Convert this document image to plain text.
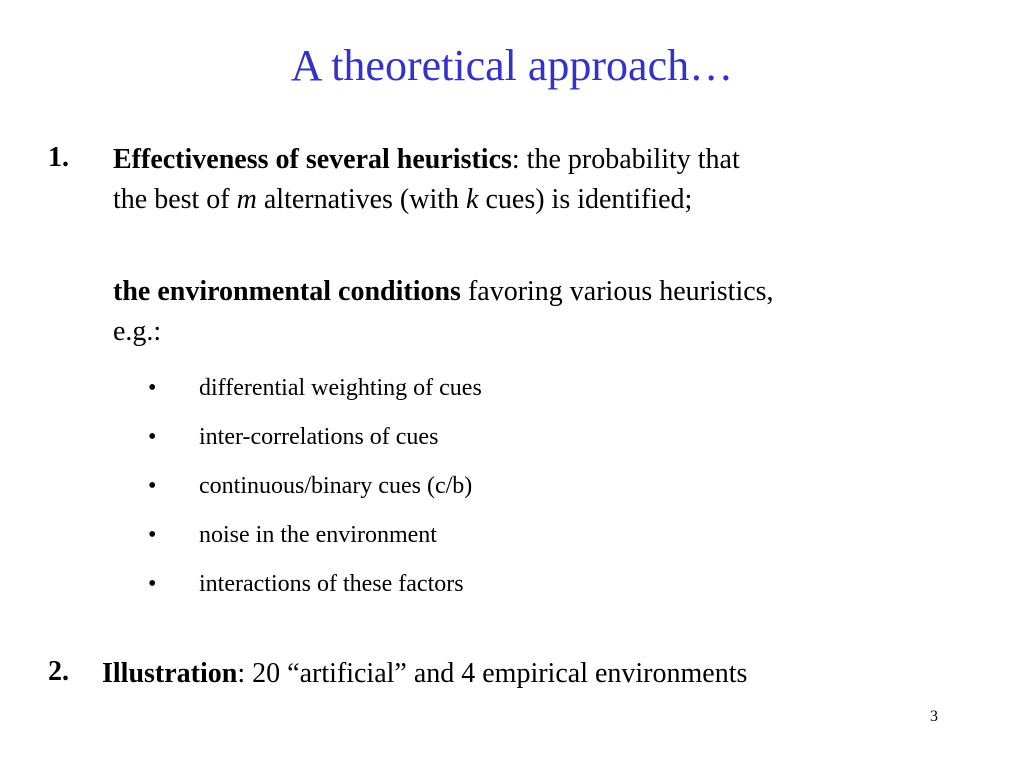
A theoretical approach…
1. Effectiveness of several heuristics: the probability that
the best of m alternatives (with k cues) is identified;
the environmental conditions favoring various heuristics,
e.g.:
•	differential weighting of cues
•	inter-correlations of cues
•	continuous/binary cues (c/b)
•	noise in the environment
•	interactions of these factors
2. Illustration: 20 “artificial” and 4 empirical environments
3
